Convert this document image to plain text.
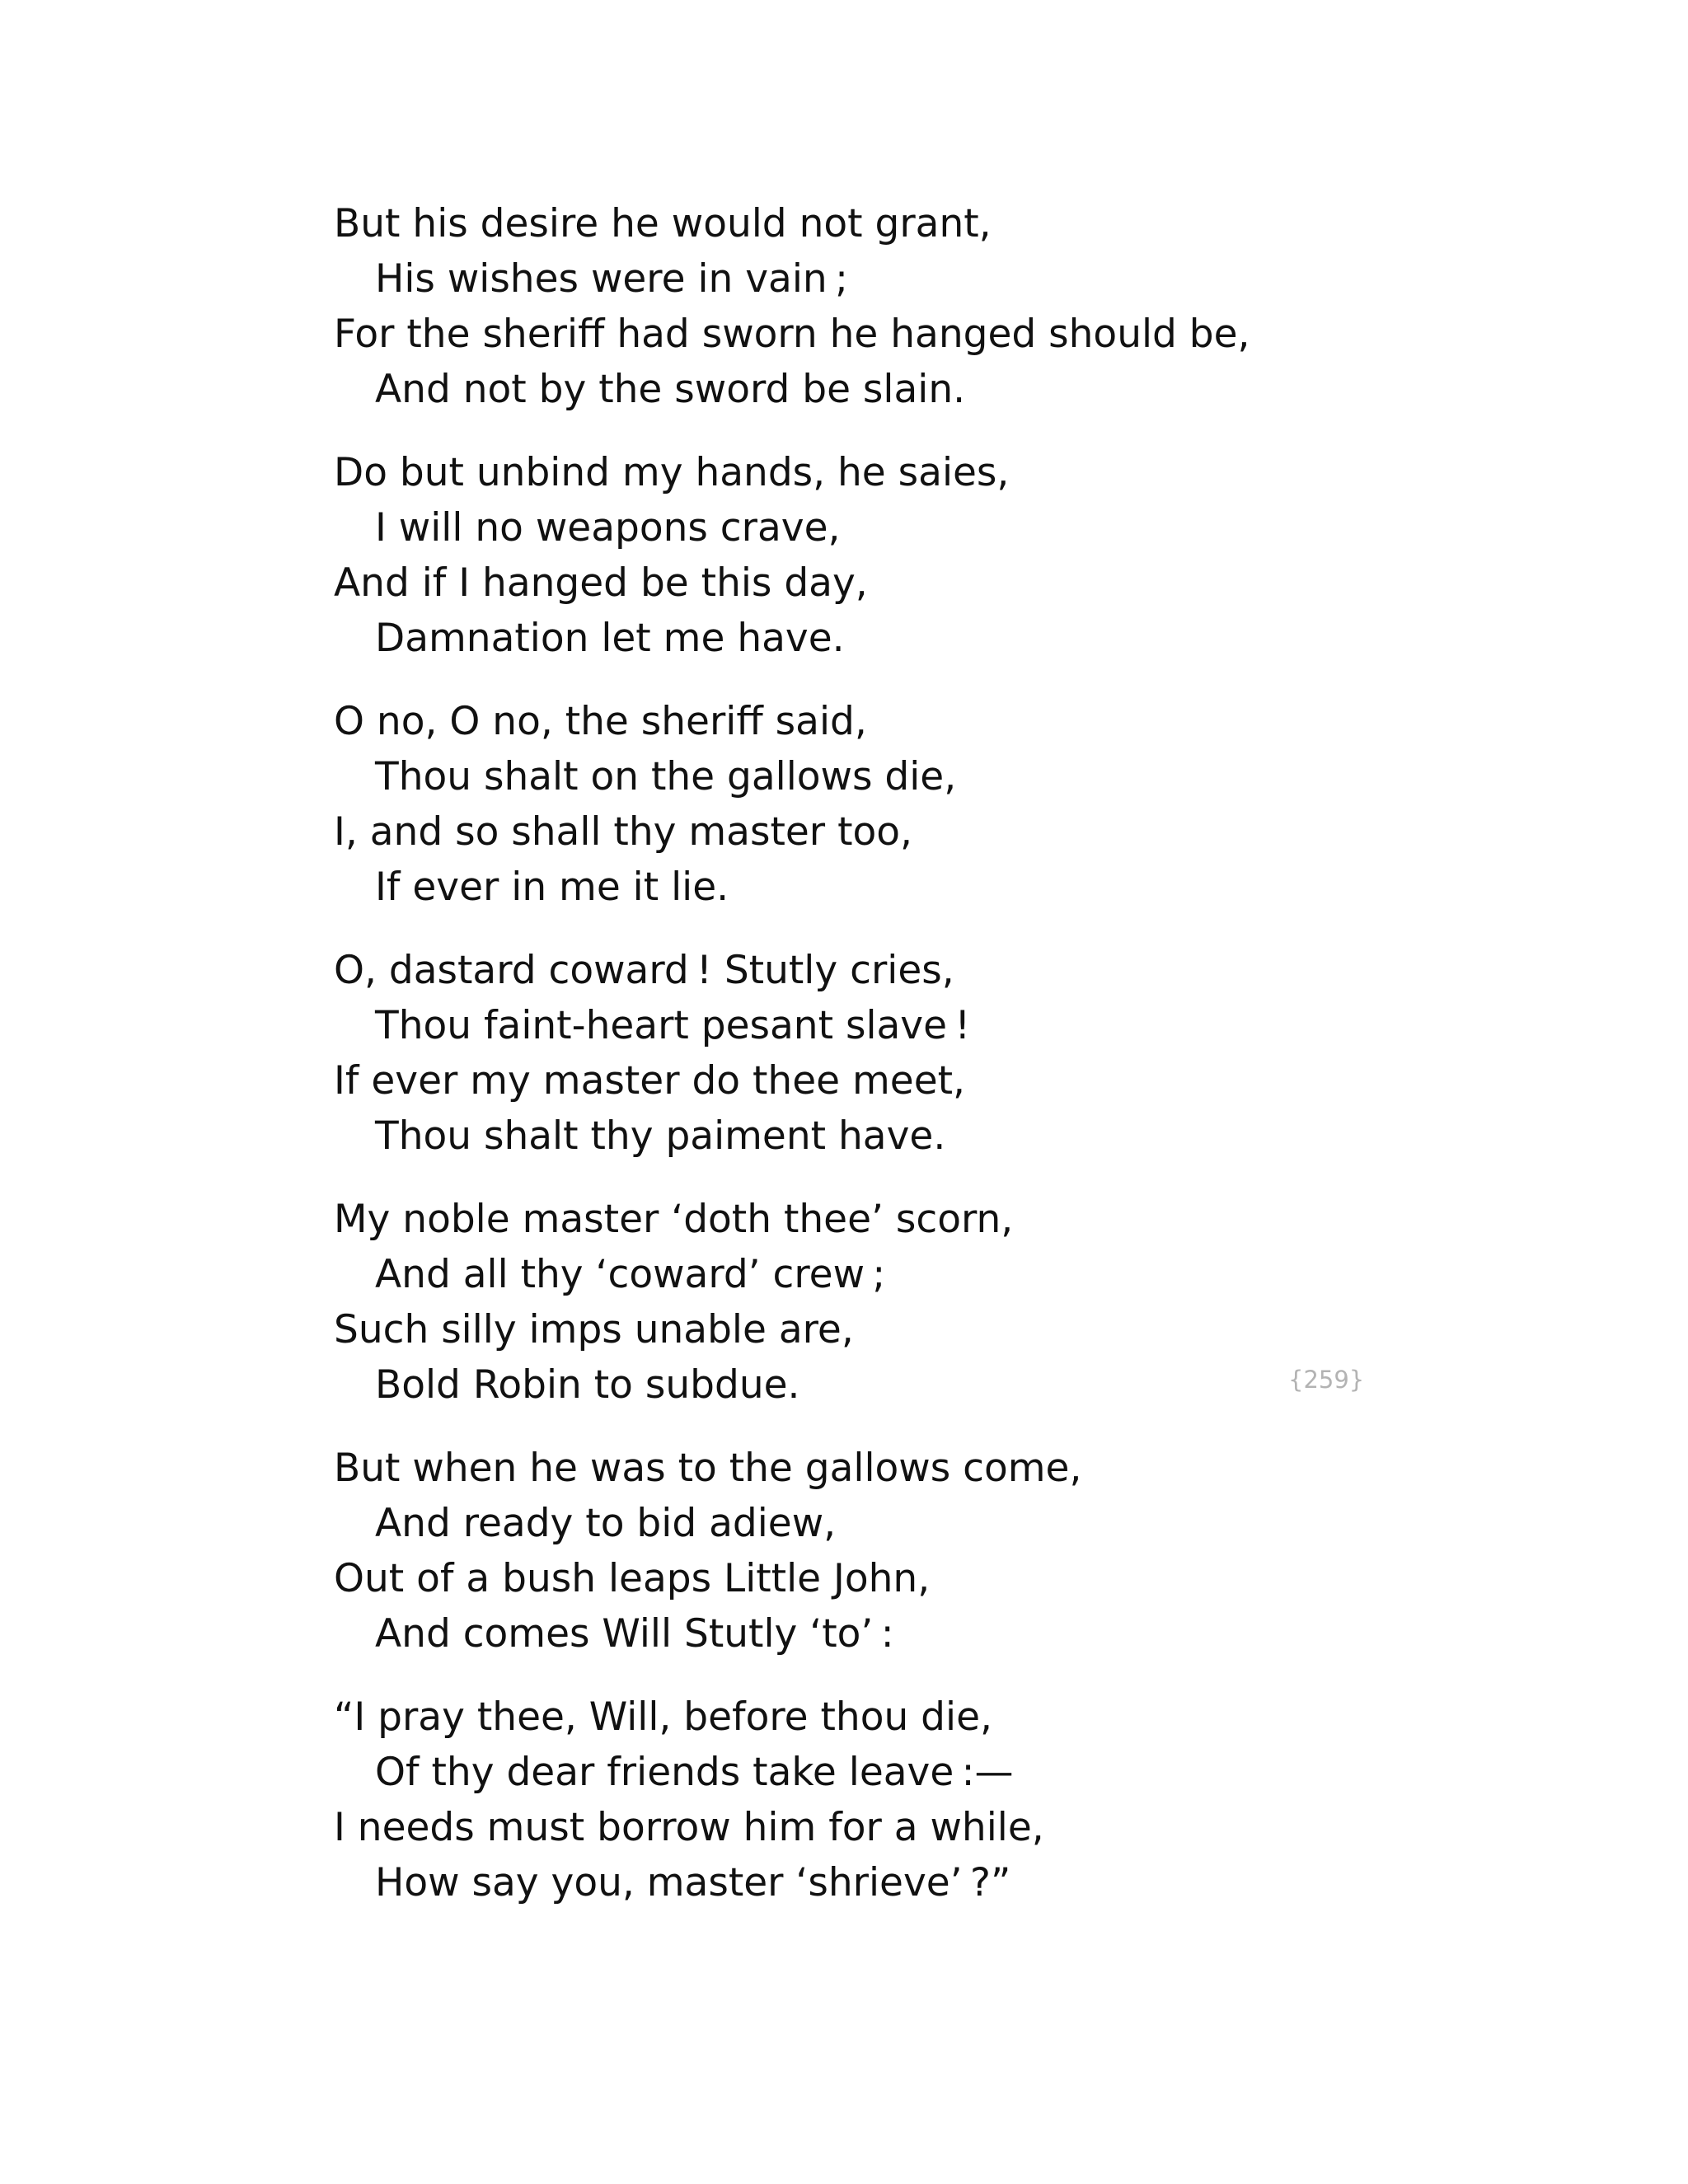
But his desire he would not grant,
His wishes were in vain ;
For the sheriff had sworn he hanged should be,
And not by the sword be slain.
Do but unbind my hands, he saies,
I will no weapons crave,
And if I hanged be this day,
Damnation let me have.
O no, O no, the sheriff said,
Thou shalt on the gallows die,
I, and so shall thy master too,
If ever in me it lie.
O, dastard coward ! Stutly cries,
Thou faint-heart pesant slave !
If ever my master do thee meet,
Thou shalt thy paiment have.
My noble master ‘doth thee’ scorn,
And all thy ‘coward’ crew ;
Such silly imps unable are,
Bold Robin to subdue.
But when he was to the gallows come,
And ready to bid adiew,
Out of a bush leaps Little John,
And comes Will Stutly ‘to’ :
“I pray thee, Will, before thou die,
Of thy dear friends take leave :—
I needs must borrow him for a while,
How say you, master ‘shrieve’ ?”
{259}
